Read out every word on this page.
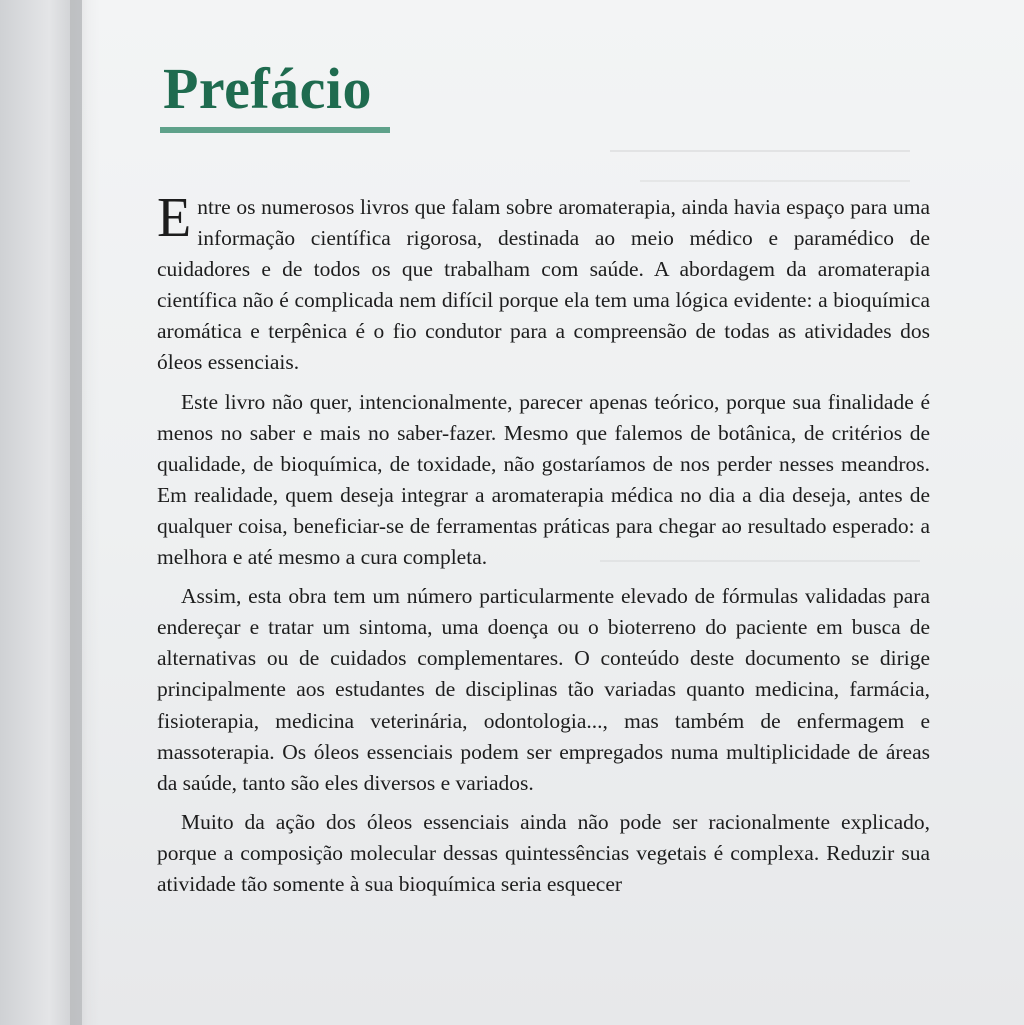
Prefácio

Entre os numerosos livros que falam sobre aromaterapia, ainda havia espaço para uma informação científica rigorosa, destinada ao meio médico e paramédico de cuidadores e de todos os que trabalham com saúde. A abordagem da aromaterapia científica não é complicada nem difícil porque ela tem uma lógica evidente: a bioquímica aromática e terpênica é o fio condutor para a compreensão de todas as atividades dos óleos essenciais.

Este livro não quer, intencionalmente, parecer apenas teórico, porque sua finalidade é menos no saber e mais no saber-fazer. Mesmo que falemos de botânica, de critérios de qualidade, de bioquímica, de toxidade, não gostaríamos de nos perder nesses meandros. Em realidade, quem deseja integrar a aromaterapia médica no dia a dia deseja, antes de qualquer coisa, beneficiar-se de ferramentas práticas para chegar ao resultado esperado: a melhora e até mesmo a cura completa.

Assim, esta obra tem um número particularmente elevado de fórmulas validadas para endereçar e tratar um sintoma, uma doença ou o bioterreno do paciente em busca de alternativas ou de cuidados complementares. O conteúdo deste documento se dirige principalmente aos estudantes de disciplinas tão variadas quanto medicina, farmácia, fisioterapia, medicina veterinária, odontologia..., mas também de enfermagem e massoterapia. Os óleos essenciais podem ser empregados numa multiplicidade de áreas da saúde, tanto são eles diversos e variados.

Muito da ação dos óleos essenciais ainda não pode ser racionalmente explicado, porque a composição molecular dessas quintessências vegetais é complexa. Reduzir sua atividade tão somente à sua bioquímica seria esquecer
